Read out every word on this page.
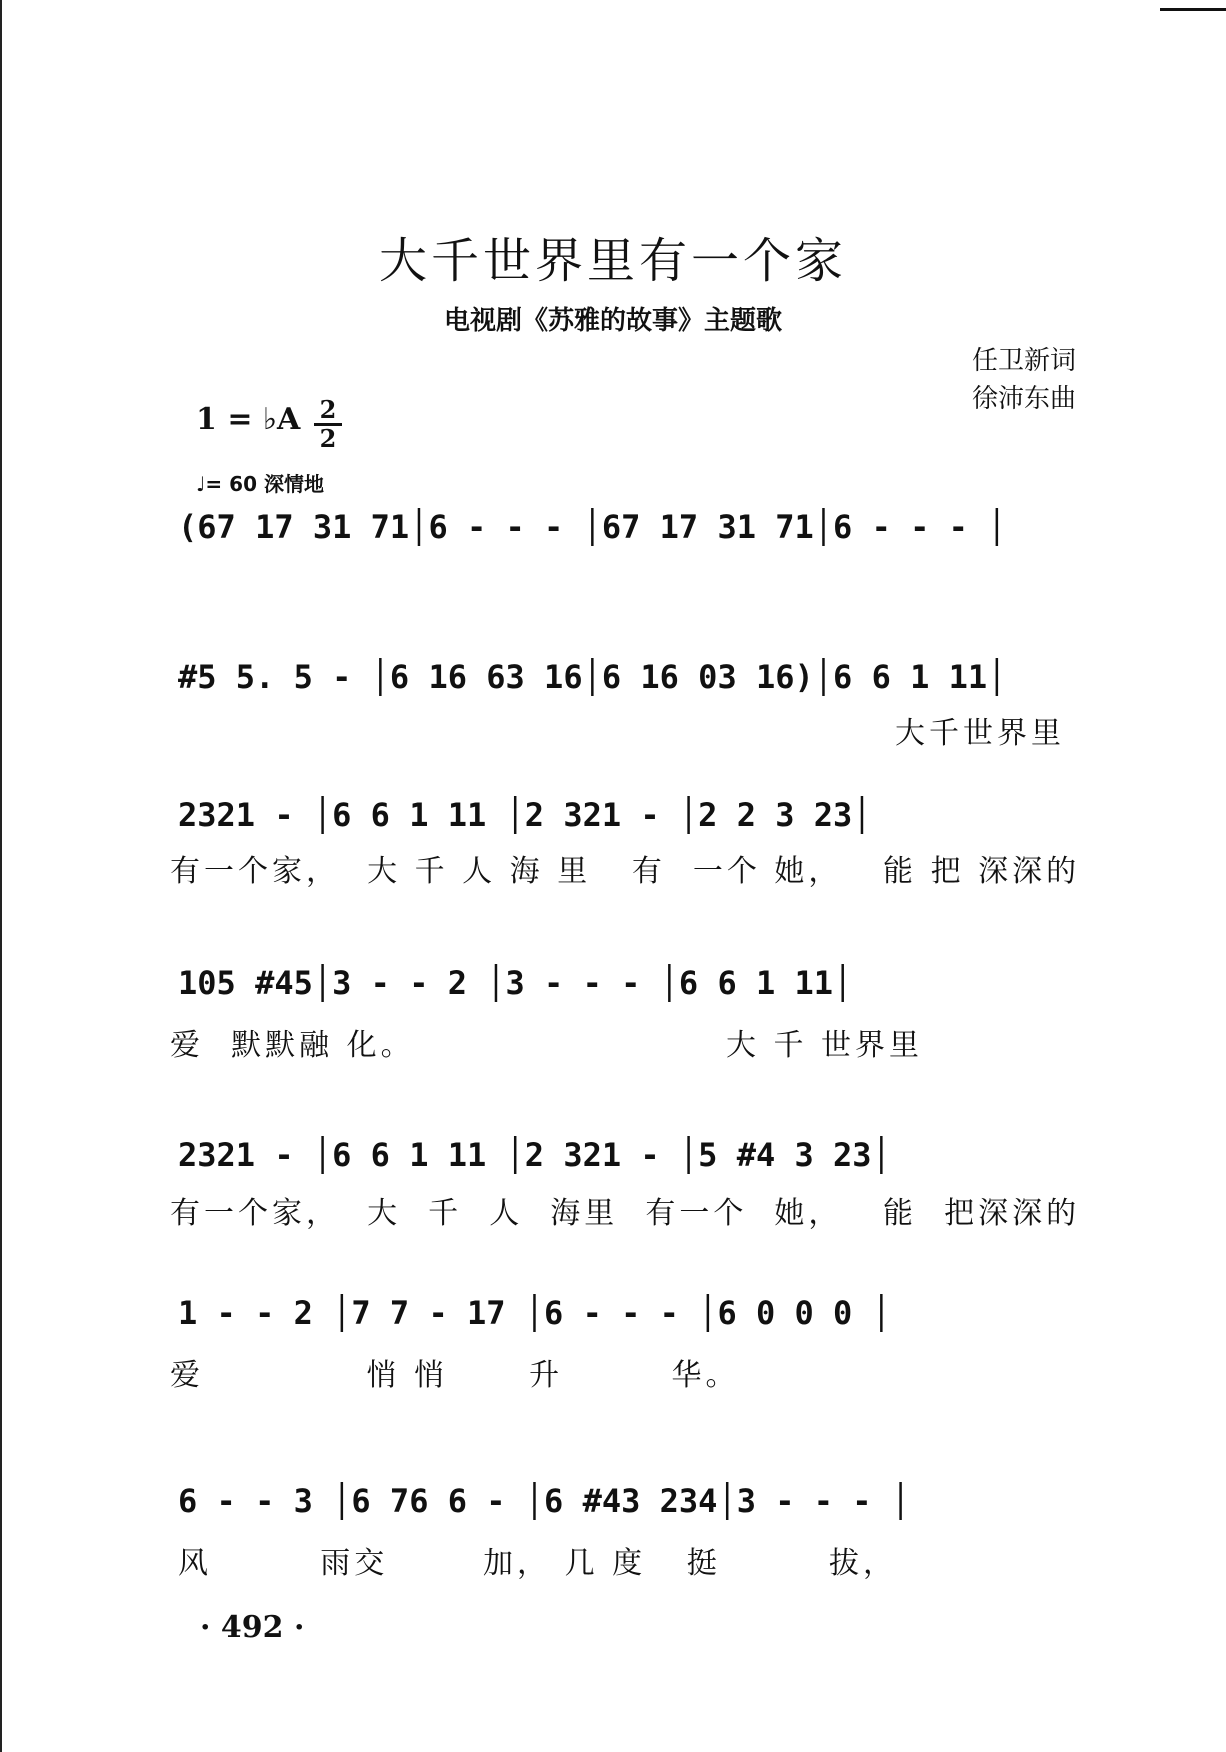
大千世界里有一个家
电视剧《苏雅的故事》主题歌
任卫新词
徐沛东曲
1 = ♭A 2
2
♩= 60 深情地
(67 17 31 71│6 - - - │67 17 31 71│6 - - - │
#5 5. 5 - │6 16 63 16│6 16 03 16)│6 6 1 11│
大千世界里
2321 - │6 6 1 11 │2 321 - │2 2 3 23│
有一个家，  大 千 人 海 里   有  一个 她，   能 把 深深的
105 #45│3 - - 2 │3 - - - │6 6 1 11│
爱  默默融 化。                       大 千 世界里
2321 - │6 6 1 11 │2 321 - │5 #4 3 23│
有一个家，  大  千  人  海里  有一个  她，   能  把深深的
1 - - 2 │7 7 - 17 │6 - - - │6 0 0 0 │
爱            悄 悄      升        华。
6 - - 3 │6 76 6 - │6 #43 234│3 - - - │
风        雨交       加， 几 度   挺        拔，
· 492 ·
